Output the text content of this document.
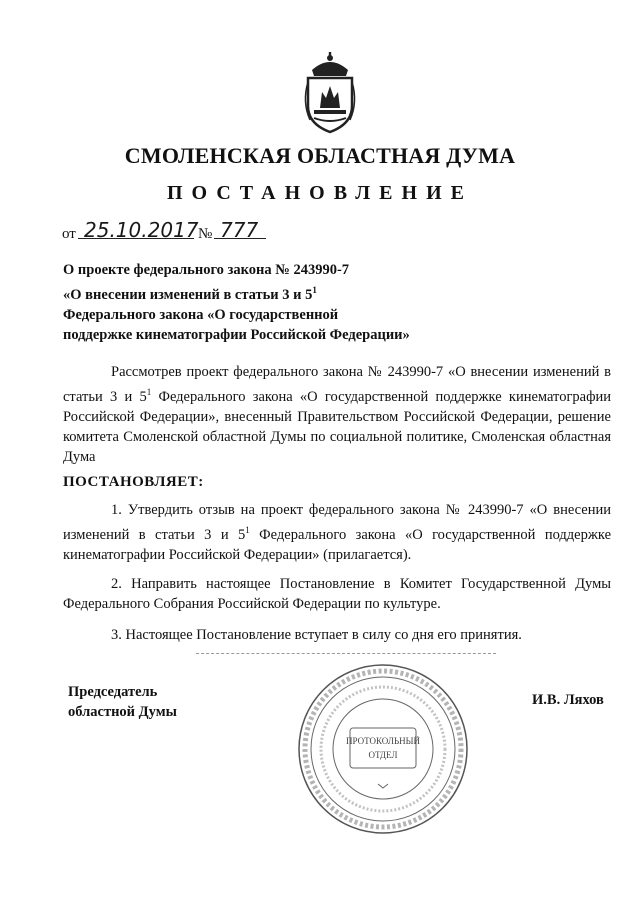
СМОЛЕНСКАЯ ОБЛАСТНАЯ ДУМА
ПОСТАНОВЛЕНИЕ
от 25.10.2017 № 777
О проекте федерального закона № 243990-7
«О внесении изменений в статьи 3 и $5^1$
Федерального закона «О государственной
поддержке кинематографии Российской Федерации»
Рассмотрев проект федерального закона № 243990-7 «О внесении изменений в статьи 3 и $5^1$ Федерального закона «О государственной поддержке кинематографии Российской Федерации», внесенный Правительством Российской Федерации, решение комитета Смоленской областной Думы по социальной политике, Смоленская областная Дума
ПОСТАНОВЛЯЕТ:
1. Утвердить отзыв на проект федерального закона № 243990-7 «О внесении изменений в статьи 3 и $5^1$ Федерального закона «О государственной поддержке кинематографии Российской Федерации» (прилагается).
2. Направить настоящее Постановление в Комитет Государственной Думы Федерального Собрания Российской Федерации по культуре.
3. Настоящее Постановление вступает в силу со дня его принятия.
Председатель
областной Думы
И.В. Ляхов
ПРОТОКОЛЬНЫЙ
ОТДЕЛ
